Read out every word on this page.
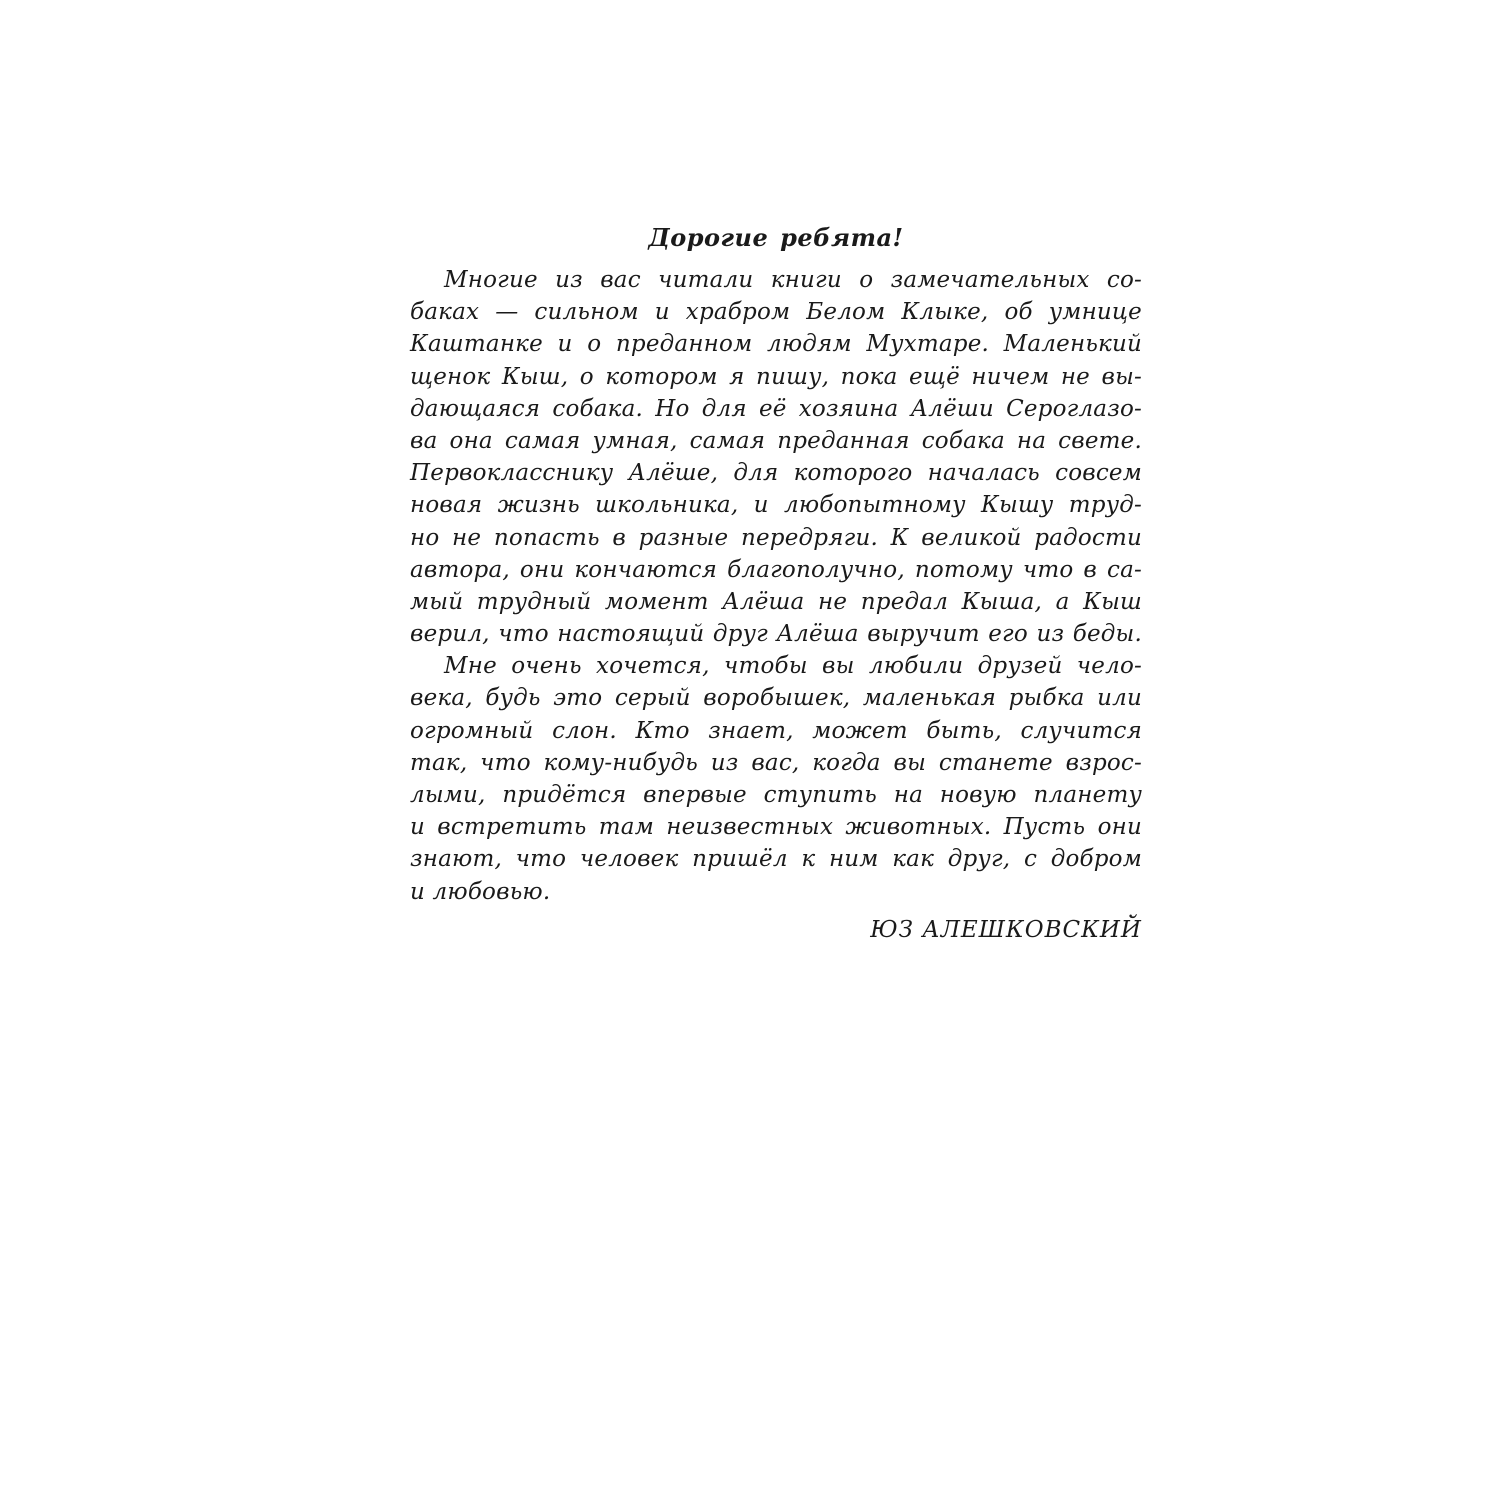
Дорогие ребята!
Многие из вас читали книги о замечательных со-
баках — сильном и храбром Белом Клыке, об умнице
Каштанке и о преданном людям Мухтаре. Маленький
щенок Кыш, о котором я пишу, пока ещё ничем не вы-
дающаяся собака. Но для её хозяина Алёши Сероглазо-
ва она самая умная, самая преданная собака на свете.
Первокласснику Алёше, для которого началась совсем
новая жизнь школьника, и любопытному Кышу труд-
но не попасть в разные передряги. К великой радости
автора, они кончаются благополучно, потому что в са-
мый трудный момент Алёша не предал Кыша, а Кыш
верил, что настоящий друг Алёша выручит его из беды.
Мне очень хочется, чтобы вы любили друзей чело-
века, будь это серый воробышек, маленькая рыбка или
огромный слон. Кто знает, может быть, случится
так, что кому-нибудь из вас, когда вы станете взрос-
лыми, придётся впервые ступить на новую планету
и встретить там неизвестных животных. Пусть они
знают, что человек пришёл к ним как друг, с добром
и любовью.
ЮЗ АЛЕШКОВСКИЙ
